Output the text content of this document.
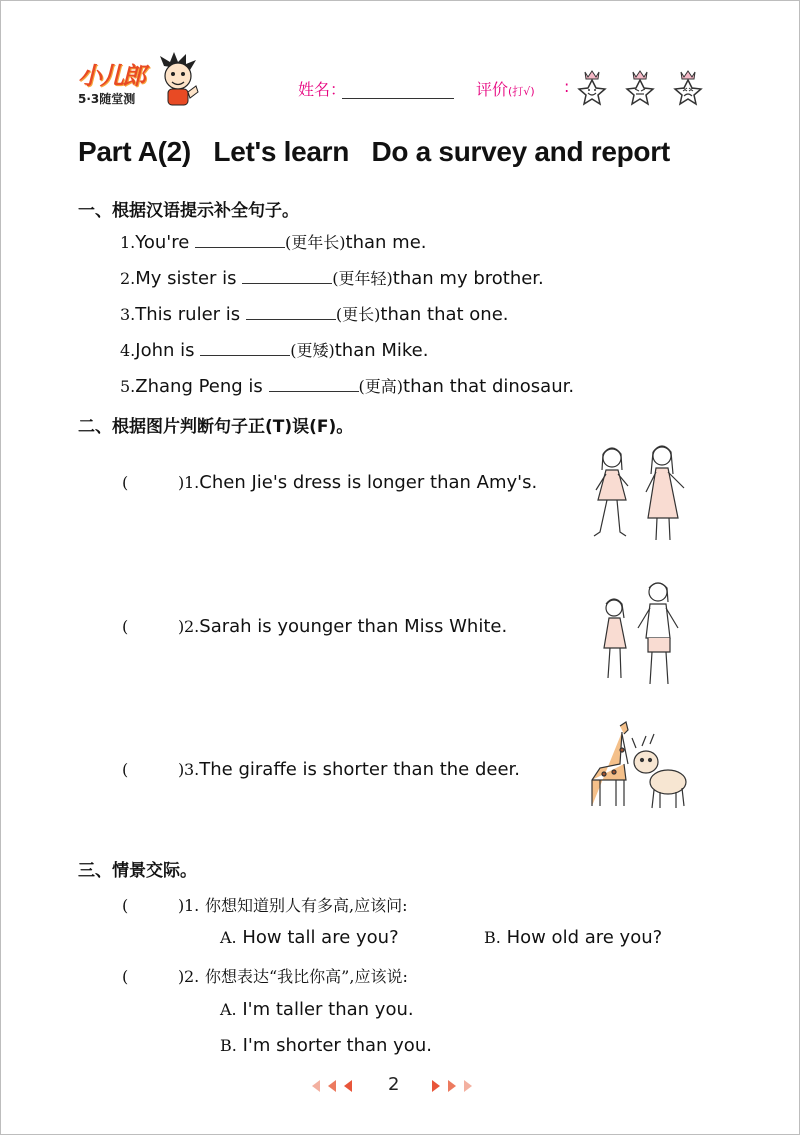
小儿郎
5·3随堂测	姓名：	评价(打√) :
Part A(2)   Let's learn   Do a survey and report
一、根据汉语提示补全句子。
1.You're	(更年长)than me.
2.My sister is	(更年轻)than my brother.
3.This ruler is	(更长)than that one.
4.John is	(更矮)than Mike.
5.Zhang Peng is	(更高)than that dinosaur.
二、根据图片判断句子正(T)误(F)。
(	) 1.Chen Jie's dress is longer than Amy's.
(	) 2.Sarah is younger than Miss White.
(	) 3.The giraffe is shorter than the deer.
三、情景交际。
(	) 1. 你想知道别人有多高,应该问:
A. How tall are you?	B. How old are you?
(	) 2. 你想表达“我比你高”,应该说:
A. I'm taller than you.
B. I'm shorter than you.
2
